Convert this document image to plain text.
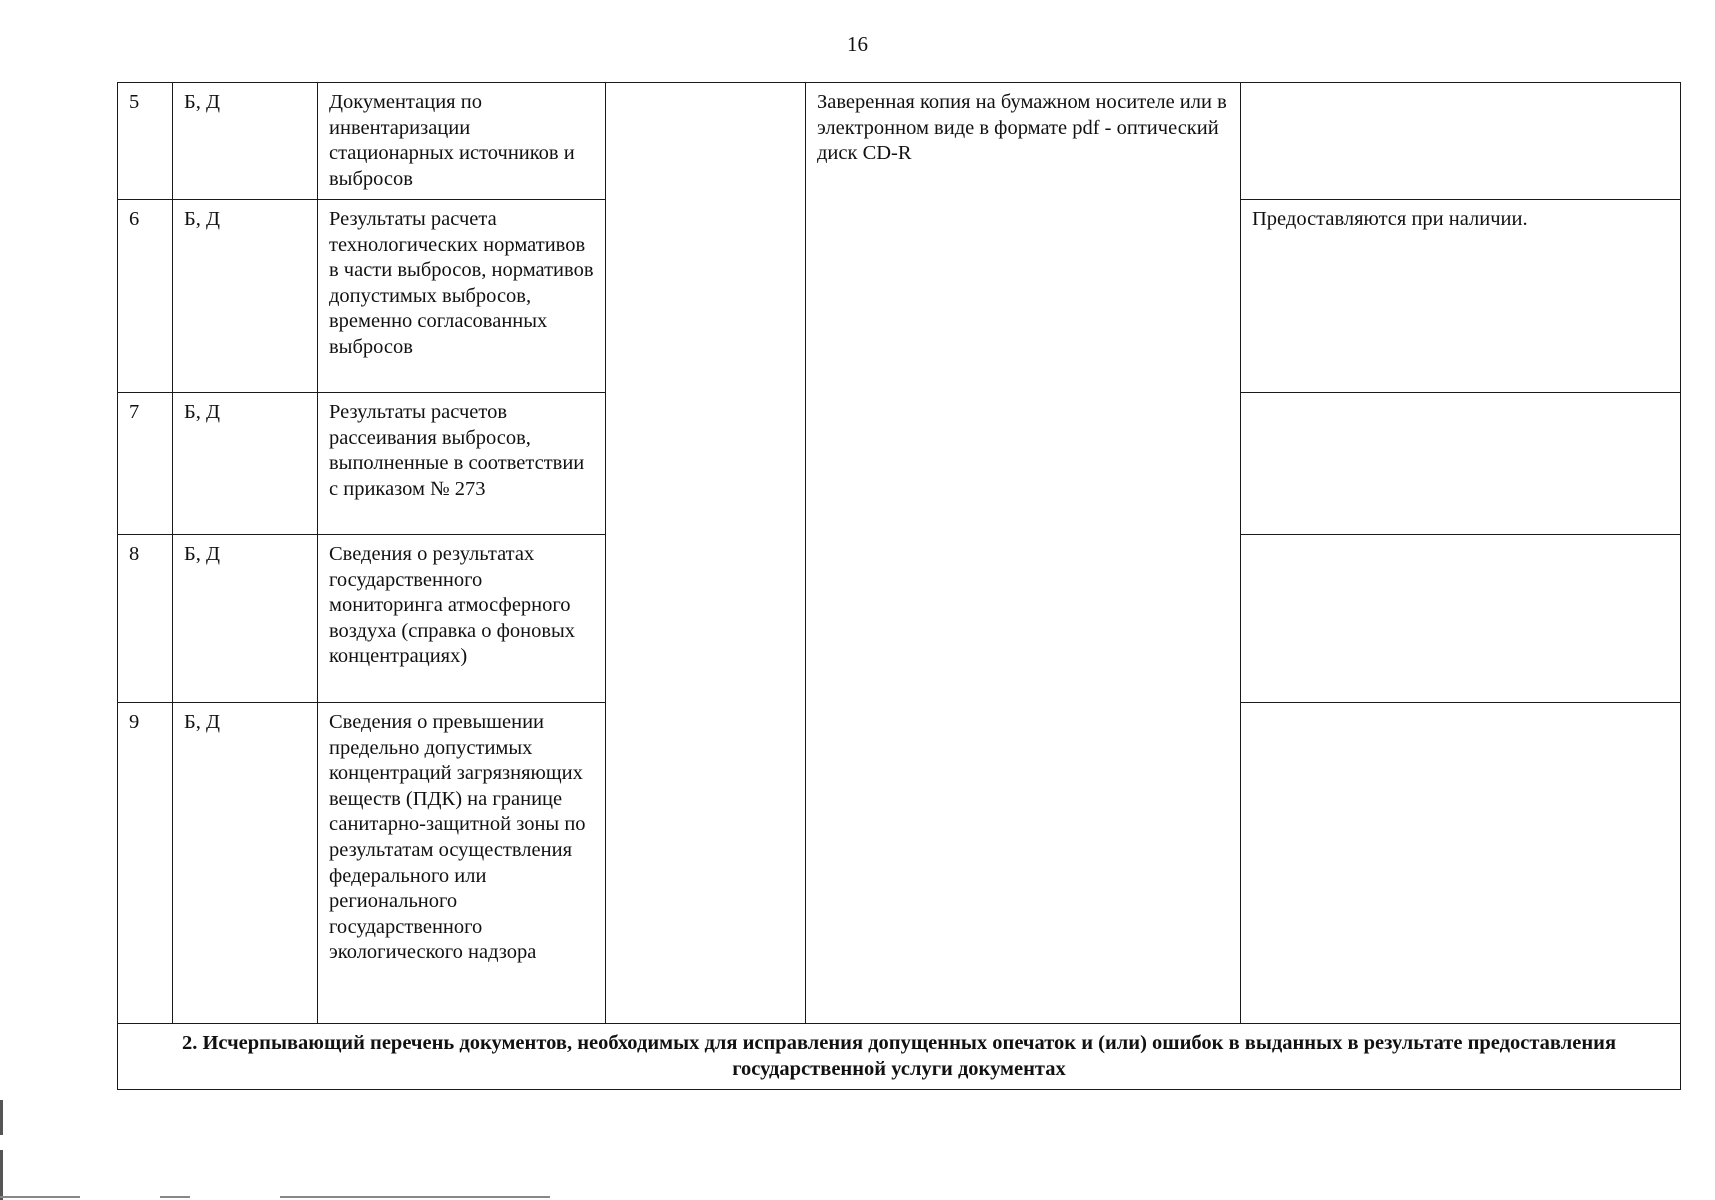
16
5	Б, Д	Документация по инвентаризации стационарных источников и выбросов		Заверенная копия на бумажном носителе или в электронном виде в формате pdf - оптический диск CD-R	
6	Б, Д	Результаты расчета технологических нормативов в части выбросов, нормативов допустимых выбросов, временно согласованных выбросов			Предоставляются при наличии.
7	Б, Д	Результаты расчетов рассеивания выбросов, выполненные в соответствии с приказом № 273			
8	Б, Д	Сведения о результатах государственного мониторинга атмосферного воздуха (справка о фоновых концентрациях)			
9	Б, Д	Сведения о превышении предельно допустимых концентраций загрязняющих веществ (ПДК) на границе санитарно-защитной зоны по результатам осуществления федерального или регионального государственного экологического надзора			
2. Исчерпывающий перечень документов, необходимых для исправления допущенных опечаток и (или) ошибок в выданных в результате предоставления государственной услуги документах					
